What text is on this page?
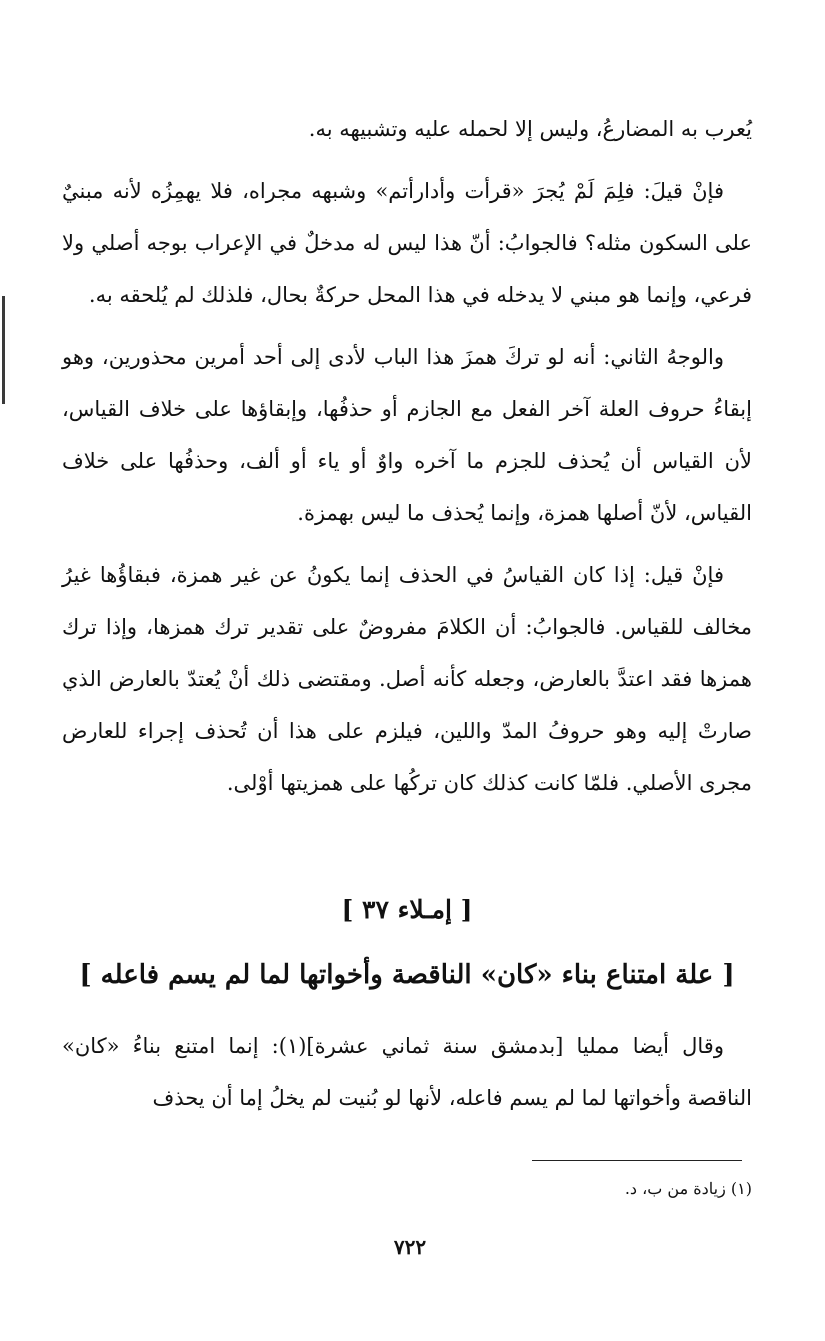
يُعرب به المضارعُ، وليس إلا لحمله عليه وتشبيهه به.

فإنْ قيلَ: فلِمَ لَمْ يُجرَ «قرأت وأدارأتم» وشبهه مجراه، فلا يهمِزُه لأنه مبنيٌ على السكون مثله؟ فالجوابُ: أنّ هذا ليس له مدخلٌ في الإعراب بوجه أصلي ولا فرعي، وإنما هو مبني لا يدخله في هذا المحل حركةٌ بحال، فلذلك لم يُلحقه به.

والوجهُ الثاني: أنه لو تركَ همزَ هذا الباب لأدى إلى أحد أمرين محذورين، وهو إبقاءُ حروف العلة آخر الفعل مع الجازم أو حذفُها، وإبقاؤها على خلاف القياس، لأن القياس أن يُحذف للجزم ما آخره واوٌ أو ياء أو ألف، وحذفُها على خلاف القياس، لأنّ أصلها همزة، وإنما يُحذف ما ليس بهمزة.

فإنْ قيل: إذا كان القياسُ في الحذف إنما يكونُ عن غير همزة، فبقاؤُها غيرُ مخالف للقياس. فالجوابُ: أن الكلامَ مفروضٌ على تقدير ترك همزها، وإذا ترك همزها فقد اعتدَّ بالعارض، وجعله كأنه أصل. ومقتضى ذلك أنْ يُعتدّ بالعارض الذي صارتْ إليه وهو حروفُ المدّ واللين، فيلزم على هذا أن تُحذف إجراء للعارض مجرى الأصلي. فلمّا كانت كذلك كان تركُها على همزيتها أوْلى.

[ إمـلاء ٣٧ ]
[ علة امتناع بناء «كان» الناقصة وأخواتها لما لم يسم فاعله ]

وقال أيضا ممليا [بدمشق سنة ثماني عشرة](١): إنما امتنع بناءُ «كان» الناقصة وأخواتها لما لم يسم فاعله، لأنها لو بُنيت لم يخلُ إما أن يحذف

(١) زيادة من ب، د.
٧٢٢
